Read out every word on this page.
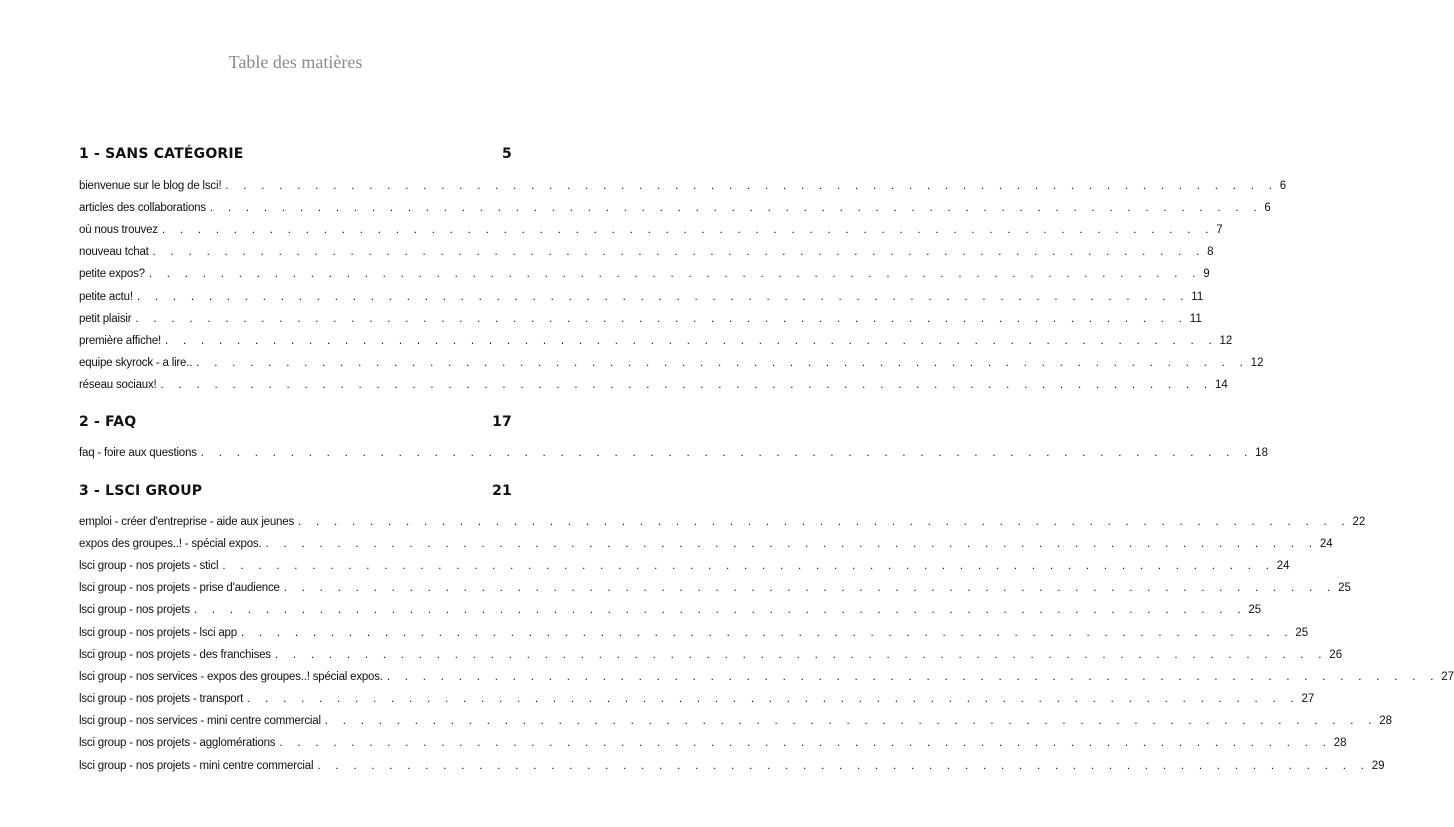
Table des matières
1 - SANS CATÉGORIE	5
bienvenue sur le blog de lsci! . . . . . . . . . . . . . . . . . . . . . . . . . . . . . . . . . . . . . . . . . . . . . . . . . . . . . . . . . . . 6
articles des collaborations . . . . . . . . . . . . . . . . . . . . . . . . . . . . . . . . . . . . . . . . . . . . . . . . . . . . . . . . . . . 6
où nous trouvez . . . . . . . . . . . . . . . . . . . . . . . . . . . . . . . . . . . . . . . . . . . . . . . . . . . . . . . . . . . 7
nouveau tchat . . . . . . . . . . . . . . . . . . . . . . . . . . . . . . . . . . . . . . . . . . . . . . . . . . . . . . . . . . . 8
petite expos? . . . . . . . . . . . . . . . . . . . . . . . . . . . . . . . . . . . . . . . . . . . . . . . . . . . . . . . . . . . 9
petite actu! . . . . . . . . . . . . . . . . . . . . . . . . . . . . . . . . . . . . . . . . . . . . . . . . . . . . . . . . . . . 11
petit plaisir . . . . . . . . . . . . . . . . . . . . . . . . . . . . . . . . . . . . . . . . . . . . . . . . . . . . . . . . . . . 11
première affiche! . . . . . . . . . . . . . . . . . . . . . . . . . . . . . . . . . . . . . . . . . . . . . . . . . . . . . . . . . . . 12
equipe skyrock - a lire.. . . . . . . . . . . . . . . . . . . . . . . . . . . . . . . . . . . . . . . . . . . . . . . . . . . . . . . . . . . . 12
réseau sociaux! . . . . . . . . . . . . . . . . . . . . . . . . . . . . . . . . . . . . . . . . . . . . . . . . . . . . . . . . . . . 14
2 - FAQ	17
faq - foire aux questions . . . . . . . . . . . . . . . . . . . . . . . . . . . . . . . . . . . . . . . . . . . . . . . . . . . . . . . . . . . 18
3 - LSCI GROUP	21
emploi - créer d'entreprise - aide aux jeunes . . . . . . . . . . . . . . . . . . . . . . . . . . . . . . . . . . . . . . . . . . . . . . . . . . . . . . . . . . . 22
expos des groupes..! - spécial expos. . . . . . . . . . . . . . . . . . . . . . . . . . . . . . . . . . . . . . . . . . . . . . . . . . . . . . . . . . . . 24
lsci group - nos projets - sticl . . . . . . . . . . . . . . . . . . . . . . . . . . . . . . . . . . . . . . . . . . . . . . . . . . . . . . . . . . . 24
lsci group - nos projets - prise d'audience . . . . . . . . . . . . . . . . . . . . . . . . . . . . . . . . . . . . . . . . . . . . . . . . . . . . . . . . . . . 25
lsci group - nos projets . . . . . . . . . . . . . . . . . . . . . . . . . . . . . . . . . . . . . . . . . . . . . . . . . . . . . . . . . . . 25
lsci group - nos projets - lsci app . . . . . . . . . . . . . . . . . . . . . . . . . . . . . . . . . . . . . . . . . . . . . . . . . . . . . . . . . . . 25
lsci group - nos projets - des franchises . . . . . . . . . . . . . . . . . . . . . . . . . . . . . . . . . . . . . . . . . . . . . . . . . . . . . . . . . . . 26
lsci group - nos services - expos des groupes..! spécial expos. . . . . . . . . . . . . . . . . . . . . . . . . . . . . . . . . . . . . . . . . . . . . . . . . . . . . . . . . . . . 27
lsci group - nos projets - transport . . . . . . . . . . . . . . . . . . . . . . . . . . . . . . . . . . . . . . . . . . . . . . . . . . . . . . . . . . . 27
lsci group - nos services - mini centre commercial . . . . . . . . . . . . . . . . . . . . . . . . . . . . . . . . . . . . . . . . . . . . . . . . . . . . . . . . . . . 28
lsci group - nos projets - agglomérations . . . . . . . . . . . . . . . . . . . . . . . . . . . . . . . . . . . . . . . . . . . . . . . . . . . . . . . . . . . 28
lsci group - nos projets - mini centre commercial . . . . . . . . . . . . . . . . . . . . . . . . . . . . . . . . . . . . . . . . . . . . . . . . . . . . . . . . . . . 29
